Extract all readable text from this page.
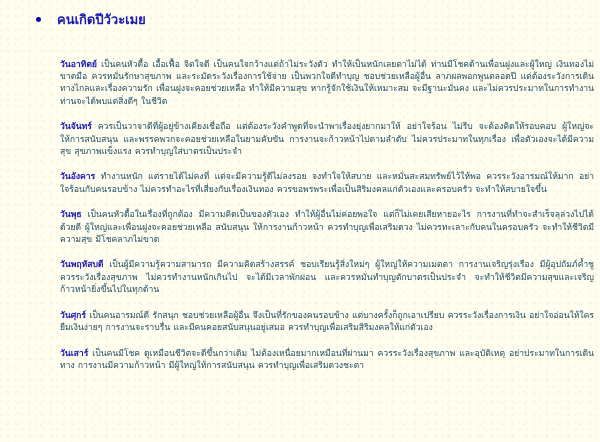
คนเกิดปีวัวะเมย

วันอาทิตย์ เป็นคนหัวดื้อ เอื้อเฟื้อ จิตใจดี เป็นคนใจกว้างแต่ถ้าไม่ระวังตัว ทำให้เป็นหนักเลยตาไม่ได้ ท่านมีโชคด้านเพื่อนฝูงและผู้ใหญ่ เงินทองไม่ขาดมือ ควรหมั่นรักษาสุขภาพ และระมัดระวังเรื่องการใช้จ่าย เป็นพวกใจดีทำบุญ ชอบช่วยเหลือผู้อื่น ลาภผลพอกพูนตลอดปี แต่ต้องระวังการเดินทางไกลและเรื่องความรัก เพื่อนฝูงจะคอยช่วยเหลือ ทำให้มีความสุข หากรู้จักใช้เงินให้เหมาะสม จะมีฐานะมั่นคง และไม่ควรประมาทในการทำงาน ท่านจะได้พบแต่สิ่งดีๆ ในชีวิต

วันจันทร์ ควรเป็นวาจาดีที่ผู้อยู่ข้างเคียงเชื่อถือ แต่ต้องระวังคำพูดที่จะนำพาเรื่องยุ่งยากมาให้ อย่าใจร้อน ไม่รีบ จะต้องคิดให้รอบคอบ ผู้ใหญ่จะให้การสนับสนุน และพรรคพวกจะคอยช่วยเหลือในยามคับขัน การงานจะก้าวหน้าไปตามลำดับ ไม่ควรประมาทในทุกเรื่อง เพื่อตัวเองจะได้มีความสุข สุขภาพแข็งแรง ควรทำบุญใส่บาตรเป็นประจำ

วันอังคาร ทำงานหนัก แต่รายได้ไม่คงที่ แต่จะมีความรู้ดีไม่ลงรอย จงทำใจให้สบาย และหมั่นสะสมทรัพย์ไว้ให้พอ ควรระวังอารมณ์ให้มาก อย่าใจร้อนกับคนรอบข้าง ไม่ควรทำอะไรที่เสี่ยงกับเรื่องเงินทอง ควรขอพรพระเพื่อเป็นสิริมงคลแก่ตัวเองและครอบครัว จะทำให้สบายใจขึ้น

วันพุธ เป็นคนหัวดื้อในเรื่องที่ถูกต้อง มีความคิดเป็นของตัวเอง ทำให้ผู้อื่นไม่ค่อยพอใจ แต่ก็ไม่เคยเสียหายอะไร การงานที่ทำจะสำเร็จลุล่วงไปได้ด้วยดี ผู้ใหญ่และเพื่อนฝูงจะคอยช่วยเหลือ สนับสนุน ให้การงานก้าวหน้า ควรทำบุญเพื่อเสริมดวง ไม่ควรทะเลาะกับคนในครอบครัว จะทำให้ชีวิตมีความสุข มีโชคลาภไม่ขาด

วันพฤหัสบดี เป็นผู้มีความรู้ความสามารถ มีความคิดสร้างสรรค์ ชอบเรียนรู้สิ่งใหม่ๆ ผู้ใหญ่ให้ความเมตตา การงานเจริญรุ่งเรือง มีผู้อุปถัมภ์ค้ำชู ควรระวังเรื่องสุขภาพ ไม่ควรทำงานหนักเกินไป จะได้มีเวลาพักผ่อน และควรหมั่นทำบุญตักบาตรเป็นประจำ จะทำให้ชีวิตมีความสุขและเจริญก้าวหน้ายิ่งขึ้นไปในทุกด้าน

วันศุกร์ เป็นคนอารมณ์ดี รักสนุก ชอบช่วยเหลือผู้อื่น จึงเป็นที่รักของคนรอบข้าง แต่บางครั้งก็ถูกเอาเปรียบ ควรระวังเรื่องการเงิน อย่าใจอ่อนให้ใครยืมเงินง่ายๆ การงานจะราบรื่น และมีคนคอยสนับสนุนอยู่เสมอ ควรทำบุญเพื่อเสริมสิริมงคลให้แก่ตัวเอง

วันเสาร์ เป็นคนมีโชค ดูเหมือนชีวิตจะดีขึ้นกว่าเดิม ไม่ต้องเหนื่อยมากเหมือนที่ผ่านมา ควรระวังเรื่องสุขภาพ และอุบัติเหตุ อย่าประมาทในการเดินทาง การงานมีความก้าวหน้า มีผู้ใหญ่ให้การสนับสนุน ควรทำบุญเพื่อเสริมดวงชะตา
